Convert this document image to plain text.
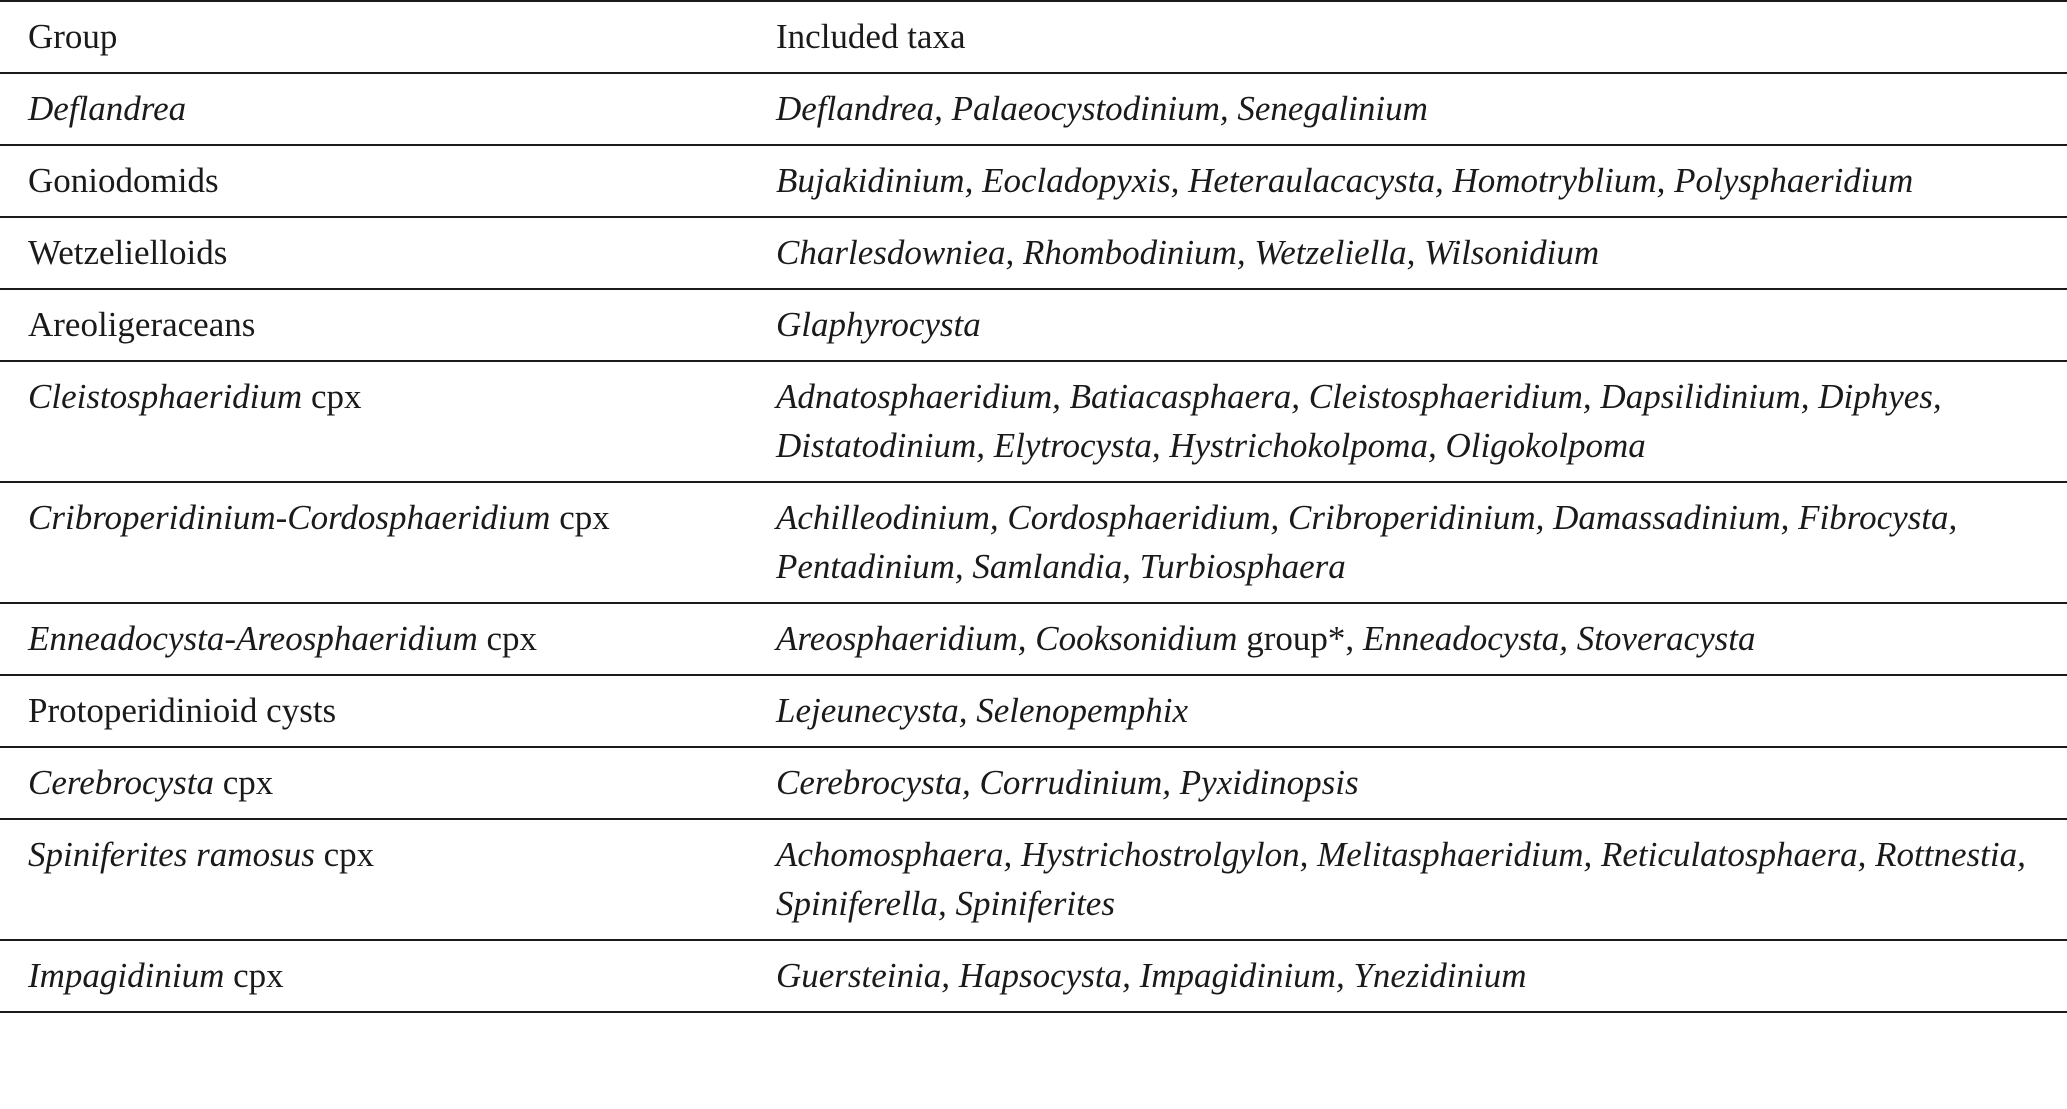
Group	Included taxa
Deflandrea	Deflandrea, Palaeocystodinium, Senegalinium
Goniodomids	Bujakidinium, Eocladopyxis, Heteraulacacysta, Homotryblium, Polysphaeridium
Wetzelielloids	Charlesdowniea, Rhombodinium, Wetzeliella, Wilsonidium
Areoligeraceans	Glaphyrocysta
Cleistosphaeridium cpx	Adnatosphaeridium, Batiacasphaera, Cleistosphaeridium, Dapsilidinium, Diphyes, Distatodinium, Elytrocysta, Hystrichokolpoma, Oligokolpoma
Cribroperidinium-Cordosphaeridium cpx	Achilleodinium, Cordosphaeridium, Cribroperidinium, Damassadinium, Fibrocysta, Pentadinium, Samlandia, Turbiosphaera
Enneadocysta-Areosphaeridium cpx	Areosphaeridium, Cooksonidium group*, Enneadocysta, Stoveracysta
Protoperidinioid cysts	Lejeunecysta, Selenopemphix
Cerebrocysta cpx	Cerebrocysta, Corrudinium, Pyxidinopsis
Spiniferites ramosus cpx	Achomosphaera, Hystrichostrolgylon, Melitasphaeridium, Reticulatosphaera, Rottnestia, Spiniferella, Spiniferites
Impagidinium cpx	Guersteinia, Hapsocysta, Impagidinium, Ynezidinium
